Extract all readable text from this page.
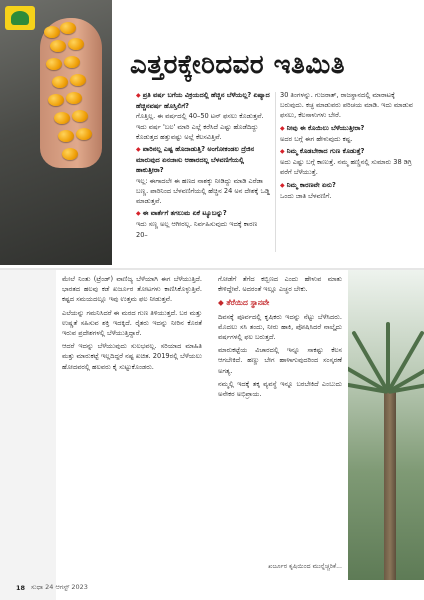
ಎತ್ತರಕ್ಕೇರಿದವರ ಇತಿಮಿತಿ
◆ ಪ್ರತಿ ವರ್ಷ ಬಗೆಯ ವಿಕ್ರಯದಲ್ಲಿ ಹೆಚ್ಚಿನ ಬೆಳೆಯಲ್ಲ? ಏಷ್ಯಾದ ಹೆಚ್ಚಿನವರ್ಷ ಹೊಸ್ತಿಲಿಗೆ?
ಗೊತ್ತಿಲ್ಲ. ಈ ವರ್ಷದಲ್ಲಿ 40–50 ಟನ್ ಫಸಲು ಕೊಡುತ್ತವೆ. ಇದು ವರ್ಷ 'ಬಲ' ಮಾರಿ ಎಲ್ಲೆ ಕರೆಸಿದೆ ಎಷ್ಟು ಹೊಡೆದಿದ್ದು ಕೊಡುತ್ತದ ಹತ್ತುವಷ್ಟು ಅಲ್ಲೆ ಕೆಲಸವಿತ್ತಿವೆ.
◆ ಪಾರಿನಲ್ಲ ಎಷ್ಟ ಹೊದಾಡುತ್ತಿ? ಅಂಗೋಕಂಡಲ ದ್ರೆಜಿನ ಮಾರುವುದ ಏನಜಾಸು ಆಹಾರದಲ್ಲ ಬೆಳವಣಿಗೆಯಲ್ಲಿ ಹಾಕುತ್ತೀರಾ?
ಇಲ್ಲ: ಈಗಾದಲೇ ಈ ಹಣದ ನಾಶಕ್ಕು ನೀಡಿದ್ದು ಮಾಡಿ ಎರೆಡಾ ಬಣ್ಣ. ಪಾರಿನಿಂದ ಬೆಳವಣಿಗೆಯಲ್ಲಿ ಹೆಚ್ಚಿನ 24 ಅನ ದೇಶಕ್ಕೆ ಒಡ್ಡಿ ಮಾಡುತ್ತವೆ.
◆ ಈ ವಾರ್ತೆಗೆ ತಗಲುಮ ಏಕೆ ಟ್ಯೂಬನ್ನು?
ಇದು ಸಣ್ಣ ಅಲ್ಲ ಆಗೀರಲ್ಲ. ನಿರ್ವಹಿಸುವುದು ಇದಕ್ಕೆ ಕಾರಣ 20–
30 ತಿಂಗಳನ್ನು. ಗುಜರಾತ್, ರಾಜಸ್ಥಾನದಲ್ಲಿ ಮಾರಾಟಕ್ಕೆ ಬರುವುದು. ಕಚ್ಛ ಮಾಡುವರು ಪರಿಚಯ ಮಾಡಿ. ಇದು ಮಾಡುವ ಫಸಲು, ಕೆಲಸಾಳುಗಳು ಬೇರೆ.
◆ ನೀವು ಈ ಕೊಯಿಲು ಬೆಳೆಯುತ್ತೀರಾ?
ಅದರ ಬಗ್ಗೆ ಈಗ ಹೇಳುವುದು ಕಷ್ಟ.
◆ ನಿಮ್ಮ ಕೊಡಬೇಕಾದ ಗುಣ ಕೊಡುತ್ತೆ?
ಅದು ಎಷ್ಟು ಬಗ್ಗೆ ಕಾಣುತ್ತೆ. ನಮ್ಮ ಹಣ್ಣಿನಲ್ಲಿ ಸುಮಾರು 38 ಡಿಗ್ರಿ ವರೆಗೆ ಬೆಳೆಯುತ್ತೆ.
◆ ನಿಮ್ಮ ಕಾರಣವೇ ಏನು?
ಒಂದು ಜಾತಿ ಬೆಳವಣಿಗೆ.

ಮೇಲೆ ನಿಂತು (ಟ್ರೆಂಡ್) ವಾಣಿಜ್ಯ ಬೆಳೆಯಾಗಿ ಈಗ ಬೆಳೆಯುತ್ತಿದೆ. ಭಾರತದ ಹಲವು ಕಡೆ ಖರ್ಜೂರ ತೋಟಗಳು ಕಾಣಿಸಿಕೊಳ್ಳುತ್ತಿವೆ. ಕಷ್ಟದ ಸಮಯದಲ್ಲೂ ಇವು ಉತ್ತಮ ಫಲ ನೀಡುತ್ತವೆ.

ಎಲೆಯನ್ನು ಗಮನಿಸಿದರೆ ಈ ಮರದ ಗುಣ ತಿಳಿಯುತ್ತದೆ. ಬರ ಮತ್ತು ಉಷ್ಣತೆ ಸಹಿಸುವ ಶಕ್ತಿ ಇದಕ್ಕಿದೆ. ರೈತರು ಇದನ್ನು ನೀರಿನ ಕೊರತೆ ಇರುವ ಪ್ರದೇಶಗಳಲ್ಲಿ ಬೆಳೆಯುತ್ತಿದ್ದಾರೆ.

ಆದರೆ ಇದನ್ನು ಬೆಳೆಯುವುದು ಸುಲಭವಲ್ಲ. ಸರಿಯಾದ ಮಾಹಿತಿ ಮತ್ತು ಮಾರುಕಟ್ಟೆ ಇಲ್ಲದಿದ್ದರೆ ನಷ್ಟ ಖಚಿತ. 2019ರಲ್ಲಿ ಬೆಳೆಯಲು ಹೋದವರಲ್ಲಿ ಹಲವರು ಕೈ ಸುಟ್ಟುಕೊಂಡರು.

ಗೋಡೆಗೆ ತೆಗೆದ ಕಬ್ಬಿಣದ ಎಂದು ಹೇಳುವ ಮಾತು ಕೇಳಿದ್ದೇವೆ. ಅದರಂತೆ ಇಲ್ಲೂ ಎಚ್ಚರ ಬೇಕು.

◆ ತೆರೆಯಿದ ಸ್ಥಾನವೇ

ದಿವಸಕ್ಕೆ ಪೂರ್ವದಲ್ಲಿ ಕೃಷಿಕರು ಇದನ್ನು ನೆಟ್ಟು ಬೆಳೆಸಿದರು. ಮೊದಲು ಸಸಿ ತಂದು, ನೀರು ಹಾಕಿ, ಪೋಷಿಸಿದರೆ ನಾಲ್ಕೈದು ವರ್ಷಗಳಲ್ಲಿ ಫಲ ಬರುತ್ತದೆ.

ಮಾರುಕಟ್ಟೆಯ ವಿಚಾರದಲ್ಲಿ ಇನ್ನೂ ಸಾಕಷ್ಟು ಕೆಲಸ ಆಗಬೇಕಿದೆ. ಹಣ್ಣು ಬೇಗ ಹಾಳಾಗುವುದರಿಂದ ಸಂಸ್ಕರಣೆ ಅಗತ್ಯ.

ನಮ್ಮಲ್ಲಿ ಇದಕ್ಕೆ ತಕ್ಕ ವ್ಯವಸ್ಥೆ ಇನ್ನೂ ಬರಬೇಕಿದೆ ಎಂಬುದು ಅನೇಕರ ಅಭಿಪ್ರಾಯ.

ಖರ್ಜೂರ ಕೃಷಿಯಿಂದ ಮುನ್ನೆಚ್ಚರಿಕೆ...
18 ಸುಧಾ 24 ಆಗಸ್ಟ್ 2023
